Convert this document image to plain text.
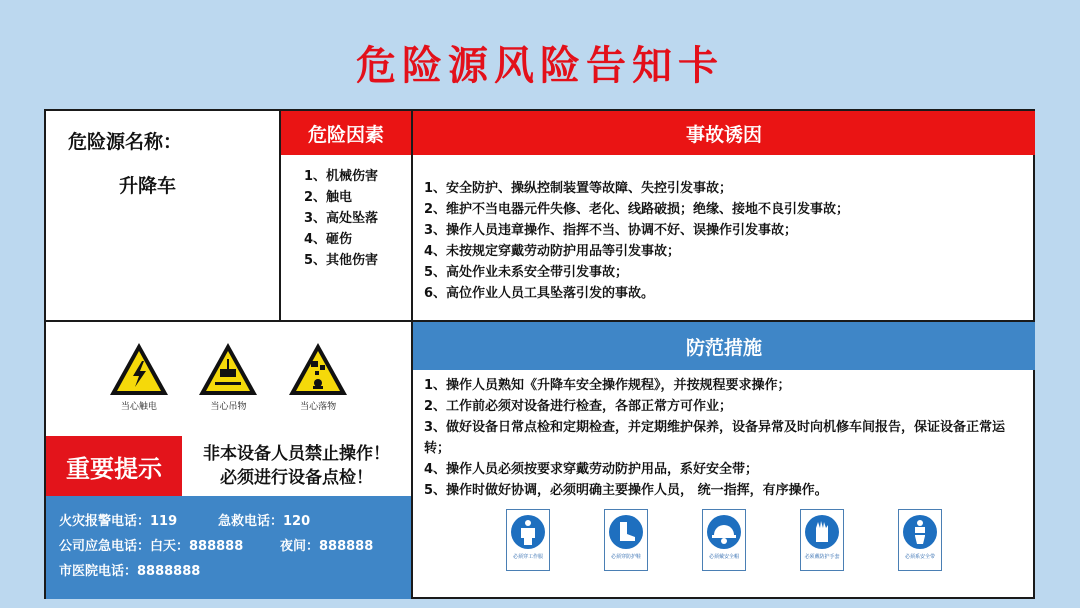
危险源风险告知卡
危险源名称：
升降车
危险因素
1、机械伤害
2、触电
3、高处坠落
4、砸伤
5、其他伤害
事故诱因
1、安全防护、操纵控制装置等故障、失控引发事故；
2、维护不当电器元件失修、老化、线路破损；绝缘、接地不良引发事故；
3、操作人员违章操作、指挥不当、协调不好、误操作引发事故；
4、未按规定穿戴劳动防护用品等引发事故；
5、高处作业未系安全带引发事故；
6、高位作业人员工具坠落引发的事故。
当心触电	当心吊物	当心落物
重要提示
非本设备人员禁止操作！
必须进行设备点检！
火灾报警电话：119	急救电话：120
公司应急电话：白天：888888	夜间：888888
市医院电话：8888888
防范措施
1、操作人员熟知《升降车安全操作规程》，并按规程要求操作；
2、工作前必须对设备进行检查，各部正常方可作业；
3、做好设备日常点检和定期检查，并定期维护保养，设备异常及时向机修车间报告，保证设备正常运转；
4、操作人员必须按要求穿戴劳动防护用品，系好安全带；
5、操作时做好协调，必须明确主要操作人员， 统一指挥，有序操作。
必须穿工作服	必须穿防护鞋	必须戴安全帽	必须戴防护手套	必须系安全带
